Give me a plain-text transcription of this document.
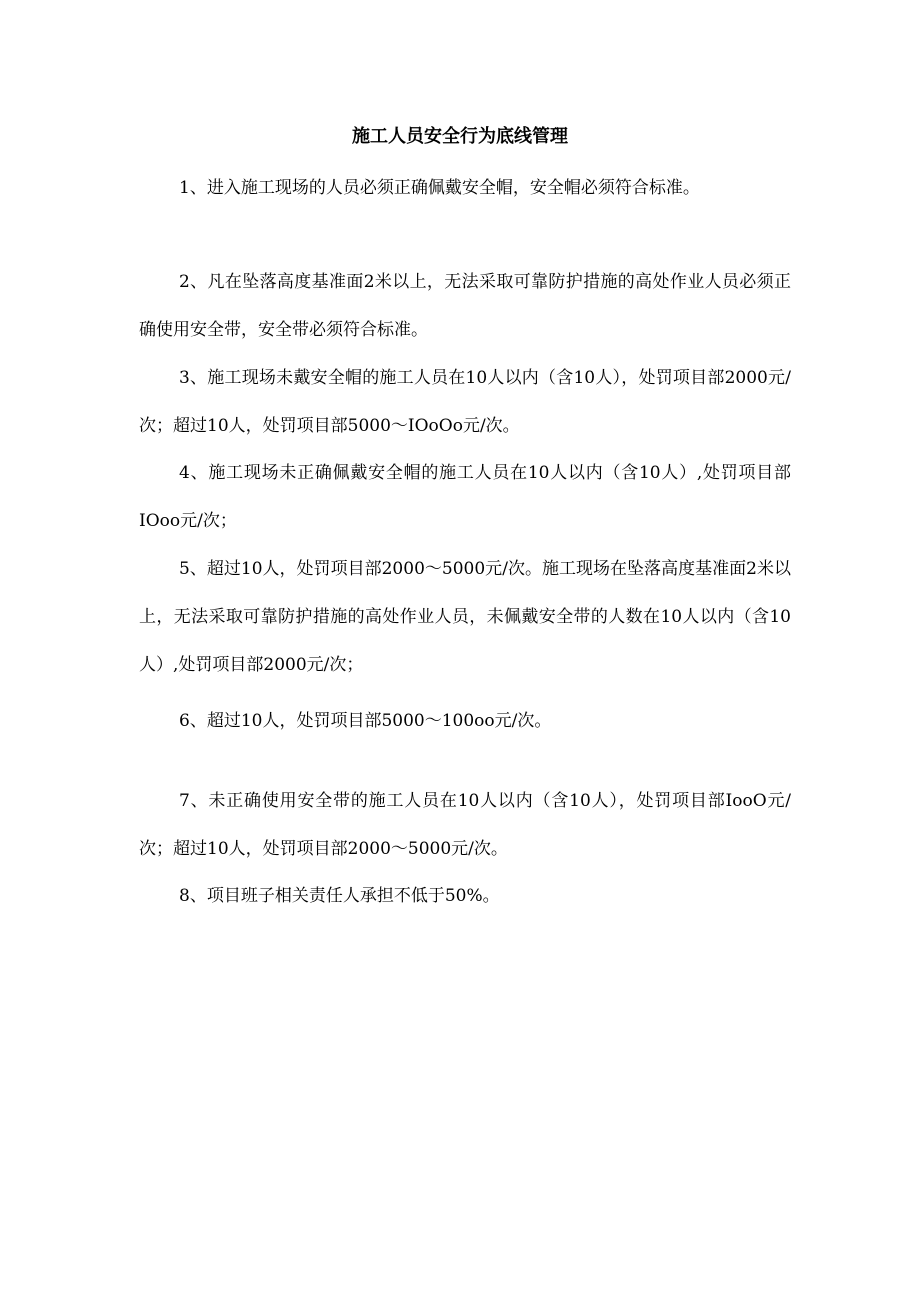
施工人员安全行为底线管理

1、进入施工现场的人员必须正确佩戴安全帽，安全帽必须符合标准。

2、凡在坠落高度基准面2米以上，无法采取可靠防护措施的高处作业人员必须正确使用安全带，安全带必须符合标准。

3、施工现场未戴安全帽的施工人员在10人以内（含10人），处罚项目部2000元/次；超过10人，处罚项目部5000～IOoOo元/次。

4、施工现场未正确佩戴安全帽的施工人员在10人以内（含10人）,处罚项目部IOoo元/次；

5、超过10人，处罚项目部2000～5000元/次。施工现场在坠落高度基准面2米以上，无法采取可靠防护措施的高处作业人员，未佩戴安全带的人数在10人以内（含10人）,处罚项目部2000元/次；

6、超过10人，处罚项目部5000～100oo元/次。

7、未正确使用安全带的施工人员在10人以内（含10人），处罚项目部IooO元/次；超过10人，处罚项目部2000～5000元/次。

8、项目班子相关责任人承担不低于50%。
